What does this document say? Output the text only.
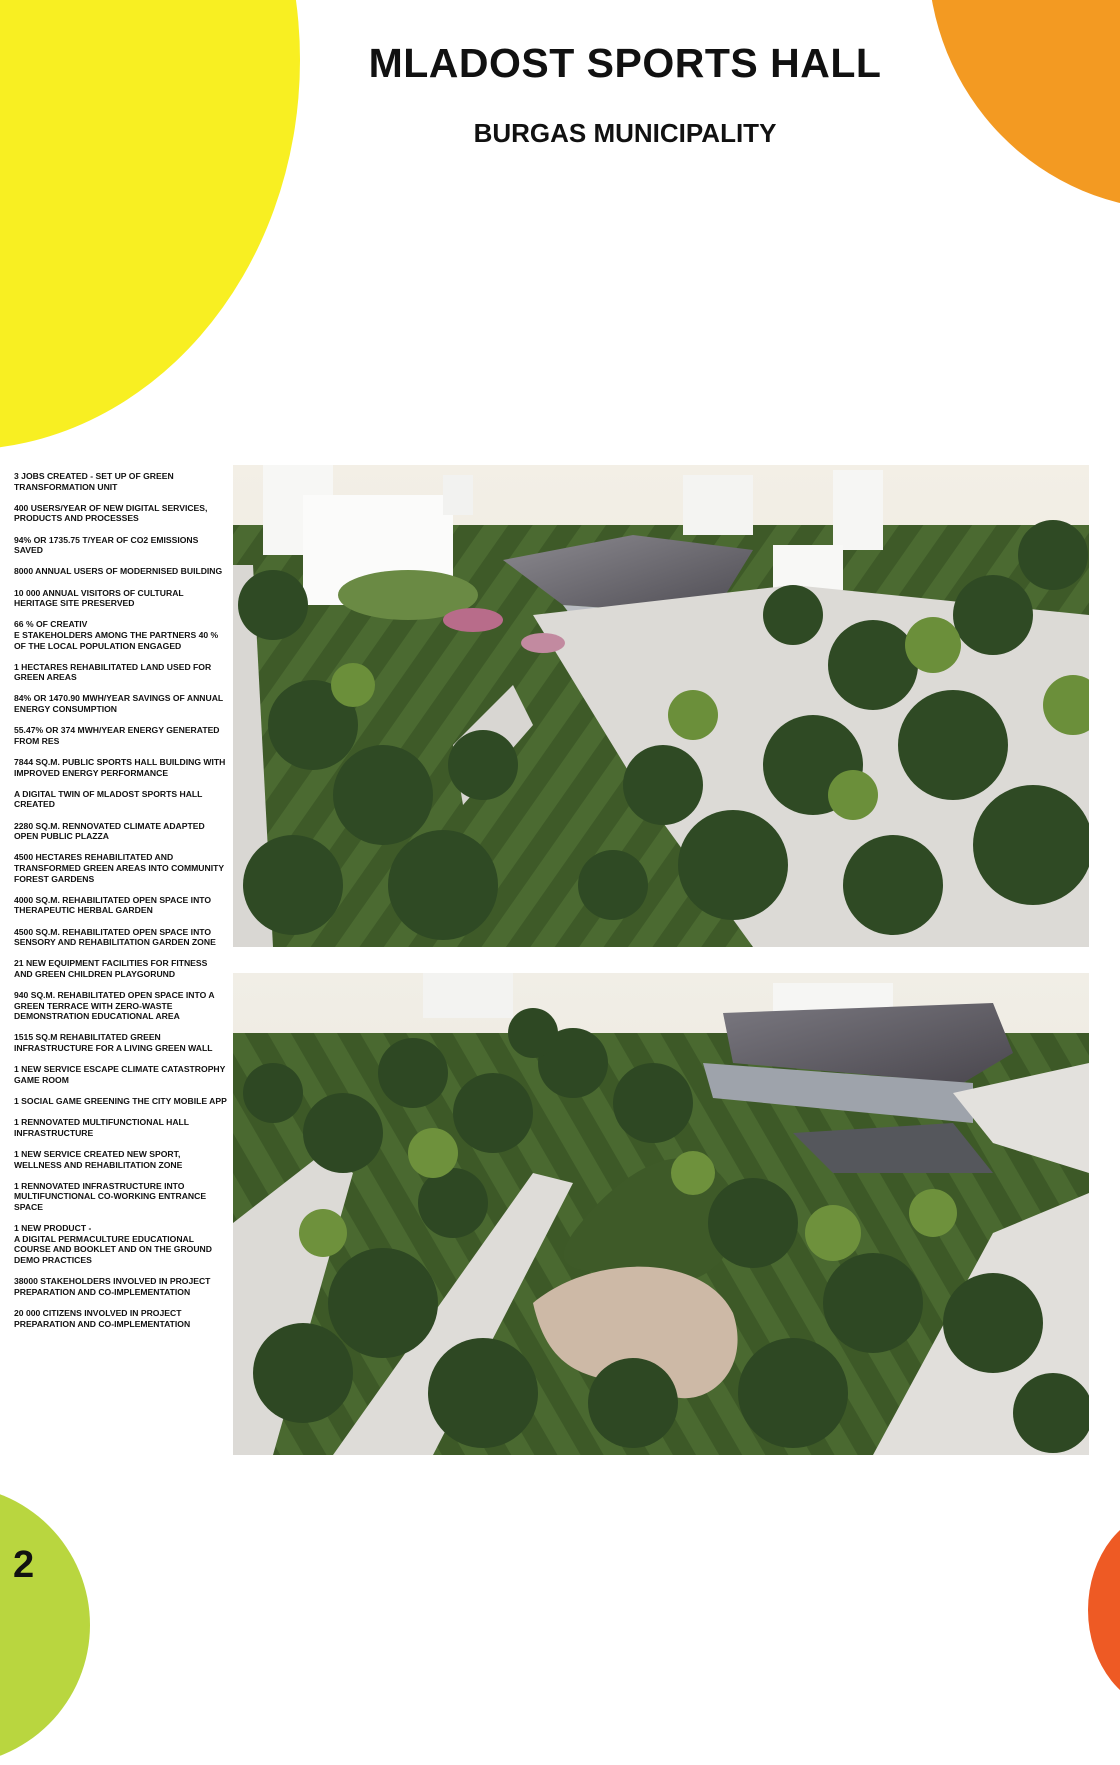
MLADOST SPORTS HALL
BURGAS MUNICIPALITY
3 JOBS CREATED - SET UP OF GREEN TRANSFORMATION UNIT
400 USERS/YEAR OF NEW DIGITAL SERVICES, PRODUCTS AND PROCESSES
94% OR 1735.75 T/YEAR OF CO2 EMISSIONS SAVED
8000 ANNUAL USERS OF MODERNISED BUILDING
10 000 ANNUAL VISITORS OF CULTURAL HERITAGE SITE PRESERVED
66 % OF CREATIV
E STAKEHOLDERS AMONG THE PARTNERS 40 % OF THE LOCAL POPULATION ENGAGED
1 HECTARES REHABILITATED LAND USED FOR GREEN AREAS
84% OR 1470.90 MWH/YEAR SAVINGS OF ANNUAL ENERGY CONSUMPTION
55.47% OR 374 MWH/YEAR ENERGY GENERATED FROM RES
7844 SQ.M. PUBLIC SPORTS HALL BUILDING WITH IMPROVED ENERGY PERFORMANCE
A DIGITAL TWIN OF MLADOST SPORTS HALL CREATED
2280 SQ.M. RENNOVATED CLIMATE ADAPTED OPEN PUBLIC PLAZZA
4500 HECTARES REHABILITATED AND TRANSFORMED GREEN AREAS INTO COMMUNITY FOREST GARDENS
4000 SQ.M. REHABILITATED OPEN SPACE INTO THERAPEUTIC HERBAL GARDEN
4500 SQ.M. REHABILITATED OPEN SPACE INTO SENSORY AND REHABILITATION GARDEN ZONE
21 NEW EQUIPMENT FACILITIES FOR FITNESS AND GREEN CHILDREN PLAYGORUND
940 SQ.M. REHABILITATED OPEN SPACE INTO A GREEN TERRACE WITH ZERO-WASTE DEMONSTRATION EDUCATIONAL AREA
1515 SQ.M REHABILITATED GREEN INFRASTRUCTURE FOR A LIVING GREEN WALL
1 NEW SERVICE ESCAPE CLIMATE CATASTROPHY GAME ROOM
1 SOCIAL GAME GREENING THE CITY MOBILE APP
1 RENNOVATED MULTIFUNCTIONAL HALL INFRASTRUCTURE
1 NEW SERVICE CREATED NEW SPORT, WELLNESS AND REHABILITATION ZONE
1 RENNOVATED INFRASTRUCTURE INTO MULTIFUNCTIONAL CO-WORKING ENTRANCE SPACE
1 NEW PRODUCT -
A DIGITAL PERMACULTURE EDUCATIONAL COURSE AND BOOKLET AND ON THE GROUND DEMO PRACTICES
38000 STAKEHOLDERS INVOLVED IN PROJECT PREPARATION AND CO-IMPLEMENTATION
20 000 CITIZENS INVOLVED IN PROJECT PREPARATION AND CO-IMPLEMENTATION
2
